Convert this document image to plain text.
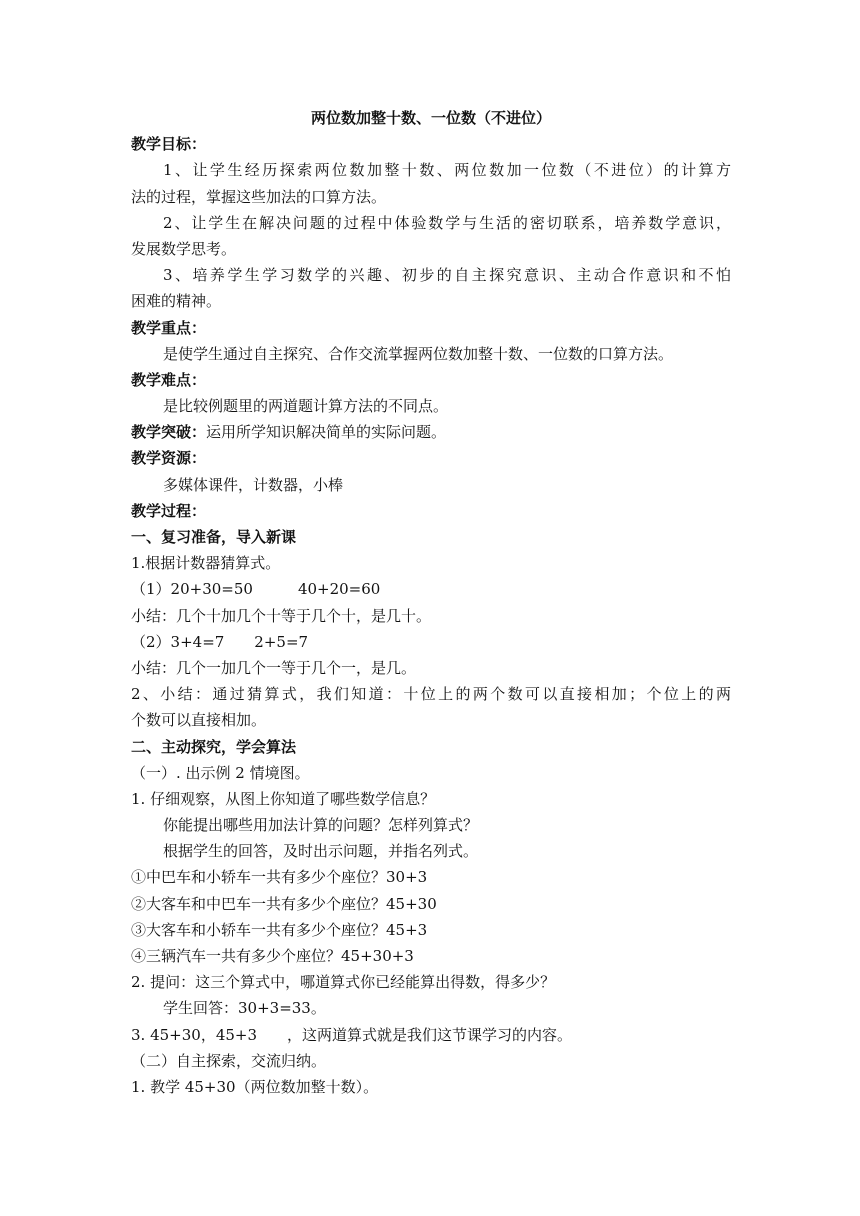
两位数加整十数、一位数（不进位）
教学目标：
1、让学生经历探索两位数加整十数、两位数加一位数（不进位）的计算方
法的过程，掌握这些加法的口算方法。
2、让学生在解决问题的过程中体验数学与生活的密切联系，培养数学意识，
发展数学思考。
3、培养学生学习数学的兴趣、初步的自主探究意识、主动合作意识和不怕
困难的精神。
教学重点：
是使学生通过自主探究、合作交流掌握两位数加整十数、一位数的口算方法。
教学难点：
是比较例题里的两道题计算方法的不同点。
教学突破：运用所学知识解决简单的实际问题。
教学资源：
多媒体课件，计数器，小棒
教学过程：
一、复习准备，导入新课
1.根据计数器猜算式。
（1）20+30=50　　　40+20=60
小结：几个十加几个十等于几个十，是几十。
（2）3+4=7　　2+5=7
小结：几个一加几个一等于几个一，是几。
2、小结：通过猜算式，我们知道：十位上的两个数可以直接相加；个位上的两
个数可以直接相加。
二、主动探究，学会算法
（一）. 出示例 2 情境图。
1. 仔细观察，从图上你知道了哪些数学信息？
你能提出哪些用加法计算的问题？怎样列算式？
根据学生的回答，及时出示问题，并指名列式。
①中巴车和小轿车一共有多少个座位？30+3
②大客车和中巴车一共有多少个座位？45+30
③大客车和小轿车一共有多少个座位？45+3
④三辆汽车一共有多少个座位？45+30+3
2. 提问：这三个算式中，哪道算式你已经能算出得数，得多少？
学生回答：30+3=33。
3. 45+30，45+3　　，这两道算式就是我们这节课学习的内容。
（二）自主探索，交流归纳。
1. 教学 45+30（两位数加整十数）。
